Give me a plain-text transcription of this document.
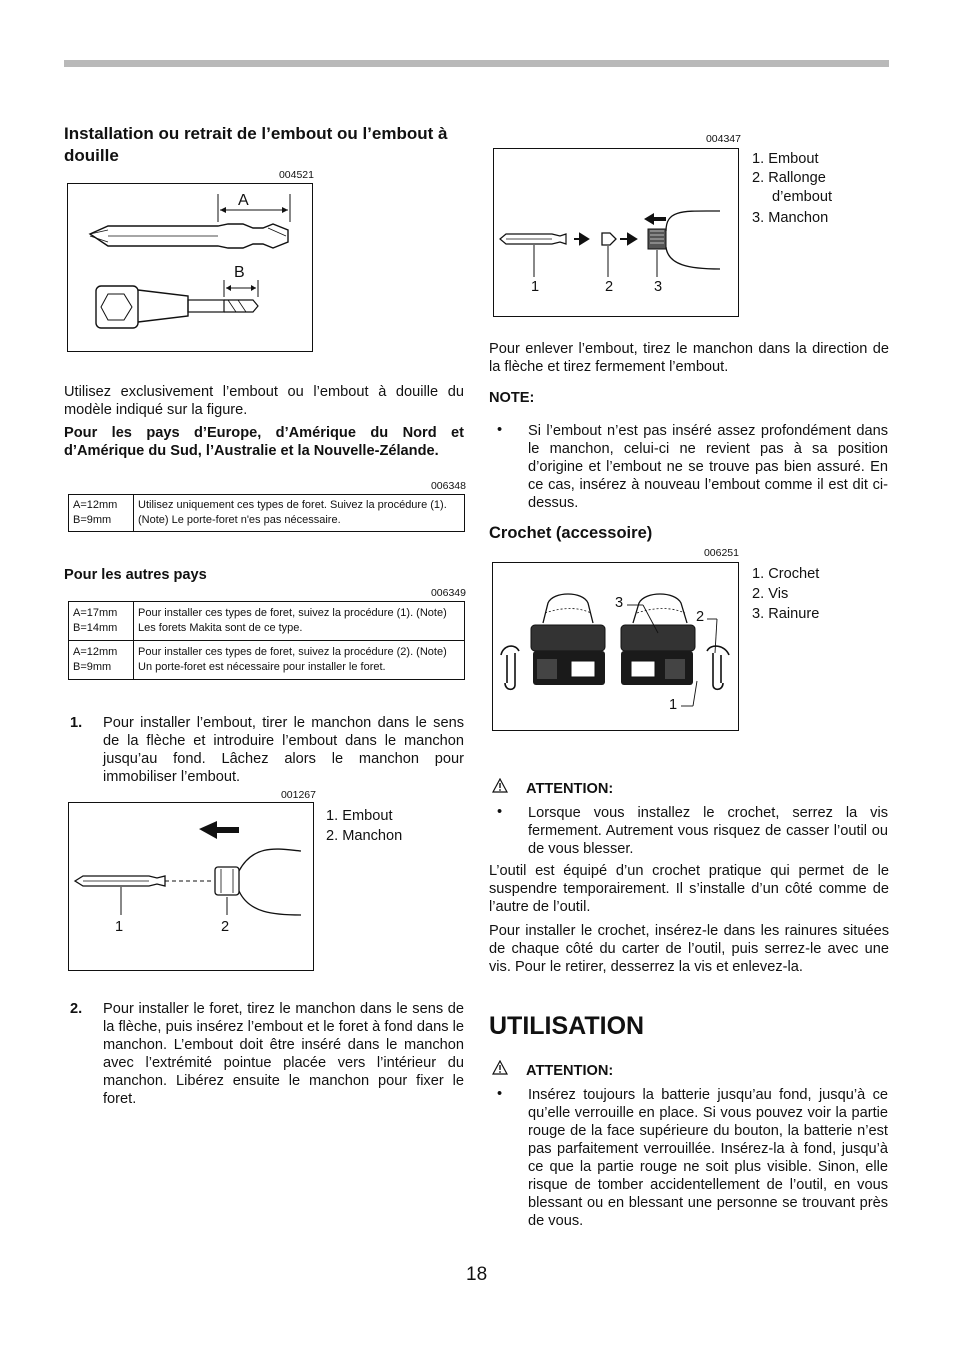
Installation ou retrait de l’embout ou l’embout à douille
004521
A
B
Utilisez exclusivement l’embout ou l’embout à douille du modèle indiqué sur la figure.
Pour les pays d’Europe, d’Amérique du Nord et d’Amérique du Sud, l’Australie et la Nouvelle-Zélande.
006348
A=12mm
B=9mm
	Utilisez uniquement ces types de foret. Suivez la procédure (1). (Note) Le porte-foret n'es pas nécessaire.
Pour les autres pays
006349
A=17mm
B=14mm	Pour installer ces types de foret, suivez la procédure (1). (Note) Les forets Makita sont de ce type.

A=12mm
B=9mm	Pour installer ces types de foret, suivez la procédure (2). (Note) Un porte-foret est nécessaire pour installer le foret.
1. Pour installer l’embout, tirer le manchon dans le sens de la flèche et introduire l’embout dans le manchon jusqu’au fond. Lâchez alors le manchon pour immobiliser l’embout.
001267
1	2
1. Embout
2. Manchon
2. Pour installer le foret, tirez le manchon dans le sens de la flèche, puis insérez l’embout et le foret à fond dans le manchon. L’embout doit être inséré dans le manchon avec l’extrémité pointue placée vers l’intérieur du manchon. Libérez ensuite le manchon pour fixer le foret.
004347
1	2	3
1. Embout
2. Rallonge
d’embout
3. Manchon
Pour enlever l’embout, tirez le manchon dans la direction de la flèche et tirez fermement l’embout.
NOTE:
• Si l’embout n’est pas inséré assez profondément dans le manchon, celui-ci ne revient pas à sa position d’origine et l’embout ne se trouve pas bien assuré. En ce cas, insérez à nouveau l’embout comme il est dit ci-dessus.
Crochet (accessoire)
006251
3
2
1
1. Crochet
2. Vis
3. Rainure
ATTENTION:
• Lorsque vous installez le crochet, serrez la vis fermement. Autrement vous risquez de casser l’outil ou de vous blesser.
L’outil est équipé d’un crochet pratique qui permet de le suspendre temporairement. Il s’installe d’un côté comme de l’autre de l’outil.
Pour installer le crochet, insérez-le dans les rainures situées de chaque côté du carter de l’outil, puis serrez-le avec une vis. Pour le retirer, desserrez la vis et enlevez-la.
UTILISATION
ATTENTION:
• Insérez toujours la batterie jusqu’au fond, jusqu’à ce qu’elle verrouille en place. Si vous pouvez voir la partie rouge de la face supérieure du bouton, la batterie n’est pas parfaitement verrouillée. Insérez-la à fond, jusqu’à ce que la partie rouge ne soit plus visible. Sinon, elle risque de tomber accidentellement de l’outil, en vous blessant ou en blessant une personne se trouvant près de vous.
18
